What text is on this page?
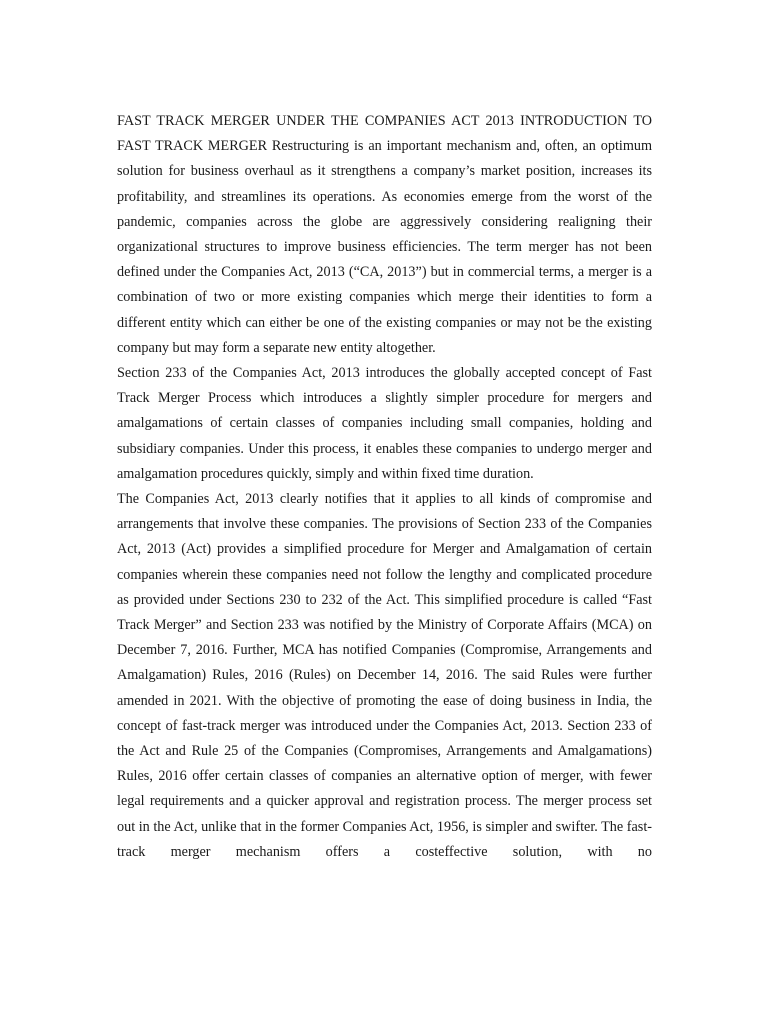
FAST TRACK MERGER UNDER THE COMPANIES ACT 2013 INTRODUCTION TO FAST TRACK MERGER Restructuring is an important mechanism and, often, an optimum solution for business overhaul as it strengthens a company’s market position, increases its profitability, and streamlines its operations. As economies emerge from the worst of the pandemic, companies across the globe are aggressively considering realigning their organizational structures to improve business efficiencies. The term merger has not been defined under the Companies Act, 2013 (“CA, 2013”) but in commercial terms, a merger is a combination of two or more existing companies which merge their identities to form a different entity which can either be one of the existing companies or may not be the existing company but may form a separate new entity altogether.

Section 233 of the Companies Act, 2013 introduces the globally accepted concept of Fast Track Merger Process which introduces a slightly simpler procedure for mergers and amalgamations of certain classes of companies including small companies, holding and subsidiary companies. Under this process, it enables these companies to undergo merger and amalgamation procedures quickly, simply and within fixed time duration.

The Companies Act, 2013 clearly notifies that it applies to all kinds of compromise and arrangements that involve these companies. The provisions of Section 233 of the Companies Act, 2013 (Act) provides a simplified procedure for Merger and Amalgamation of certain companies wherein these companies need not follow the lengthy and complicated procedure as provided under Sections 230 to 232 of the Act. This simplified procedure is called “Fast Track Merger” and Section 233 was notified by the Ministry of Corporate Affairs (MCA) on December 7, 2016. Further, MCA has notified Companies (Compromise, Arrangements and Amalgamation) Rules, 2016 (Rules) on December 14, 2016. The said Rules were further amended in 2021. With the objective of promoting the ease of doing business in India, the concept of fast-track merger was introduced under the Companies Act, 2013. Section 233 of the Act and Rule 25 of the Companies (Compromises, Arrangements and Amalgamations) Rules, 2016 offer certain classes of companies an alternative option of merger, with fewer legal requirements and a quicker approval and registration process. The merger process set out in the Act, unlike that in the former Companies Act, 1956, is simpler and swifter. The fast-track merger mechanism offers a costeffective solution, with no
